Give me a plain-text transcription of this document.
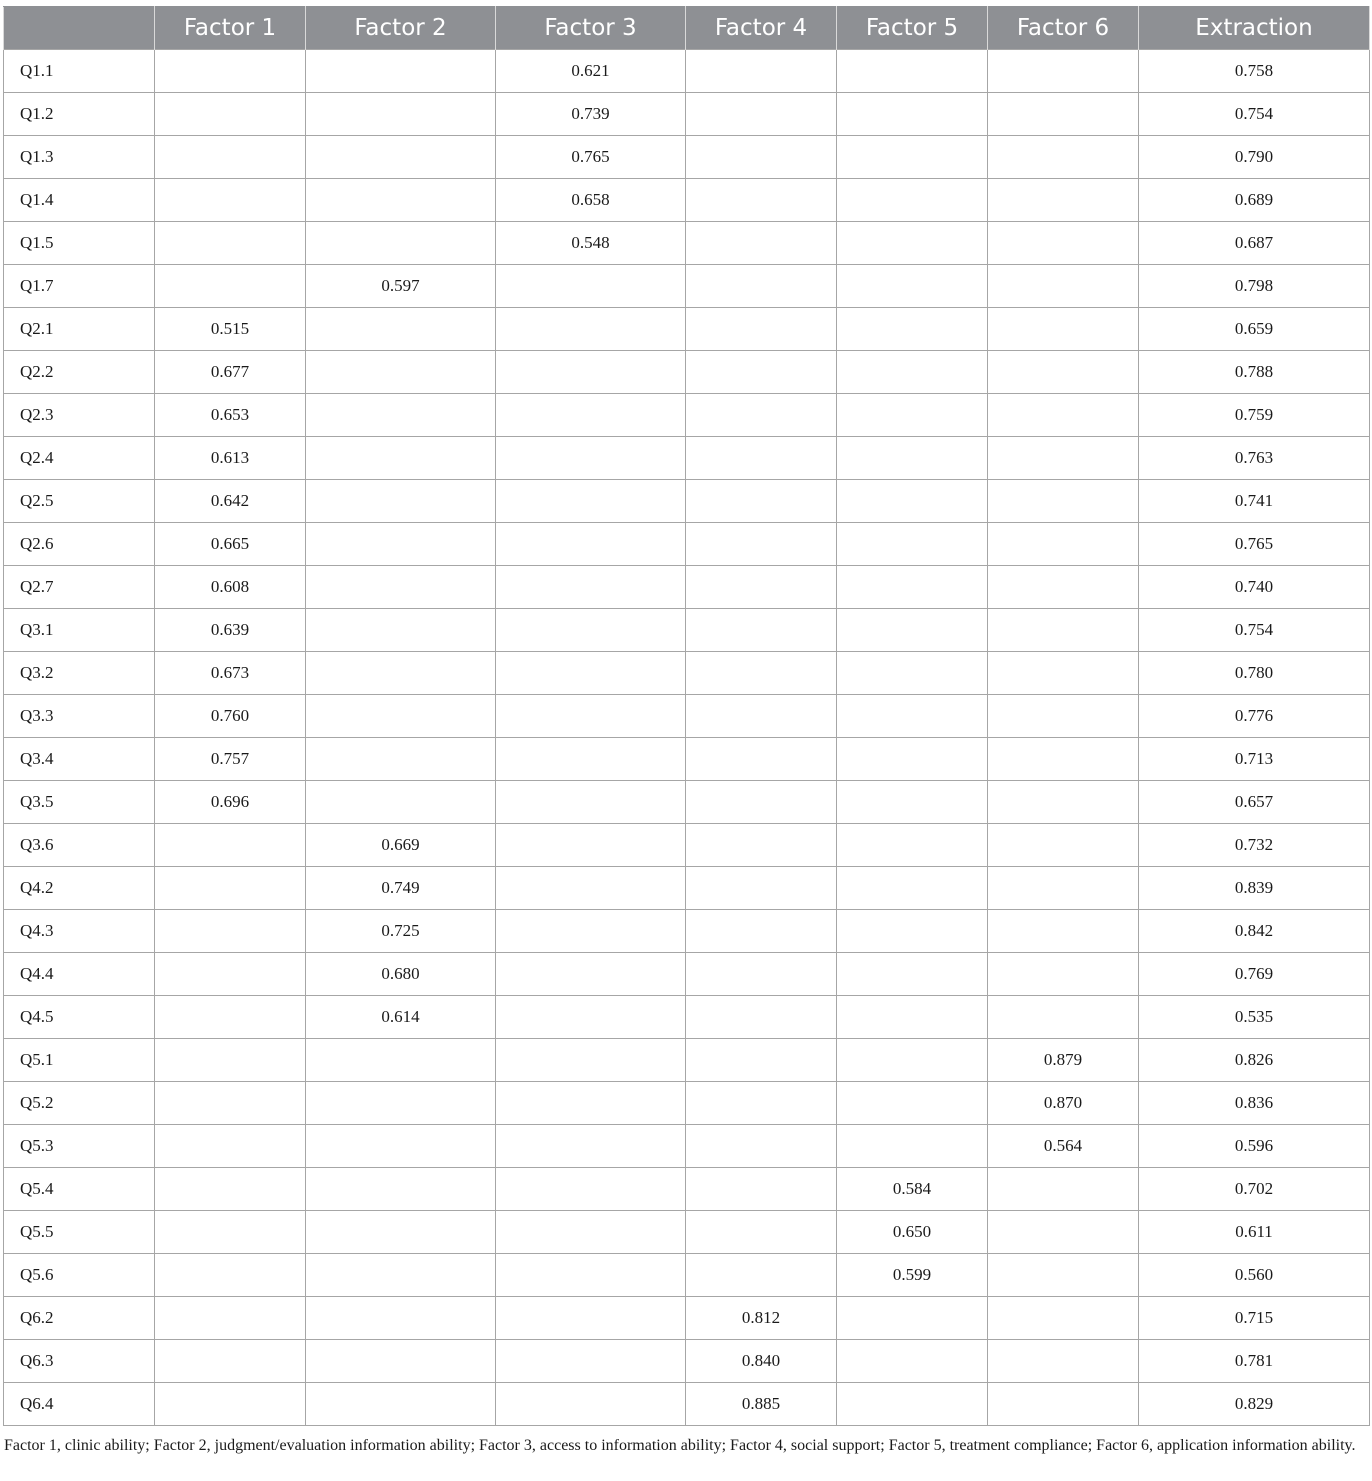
	Factor 1	Factor 2	Factor 3	Factor 4	Factor 5	Factor 6	Extraction
Q1.1			0.621				0.758
Q1.2			0.739				0.754
Q1.3			0.765				0.790
Q1.4			0.658				0.689
Q1.5			0.548				0.687
Q1.7		0.597					0.798
Q2.1	0.515						0.659
Q2.2	0.677						0.788
Q2.3	0.653						0.759
Q2.4	0.613						0.763
Q2.5	0.642						0.741
Q2.6	0.665						0.765
Q2.7	0.608						0.740
Q3.1	0.639						0.754
Q3.2	0.673						0.780
Q3.3	0.760						0.776
Q3.4	0.757						0.713
Q3.5	0.696						0.657
Q3.6		0.669					0.732
Q4.2		0.749					0.839
Q4.3		0.725					0.842
Q4.4		0.680					0.769
Q4.5		0.614					0.535
Q5.1						0.879	0.826
Q5.2						0.870	0.836
Q5.3						0.564	0.596
Q5.4					0.584		0.702
Q5.5					0.650		0.611
Q5.6					0.599		0.560
Q6.2				0.812			0.715
Q6.3				0.840			0.781
Q6.4				0.885			0.829

Factor 1, clinic ability; Factor 2, judgment/evaluation information ability; Factor 3, access to information ability; Factor 4, social support; Factor 5, treatment compliance; Factor 6, application information ability.
